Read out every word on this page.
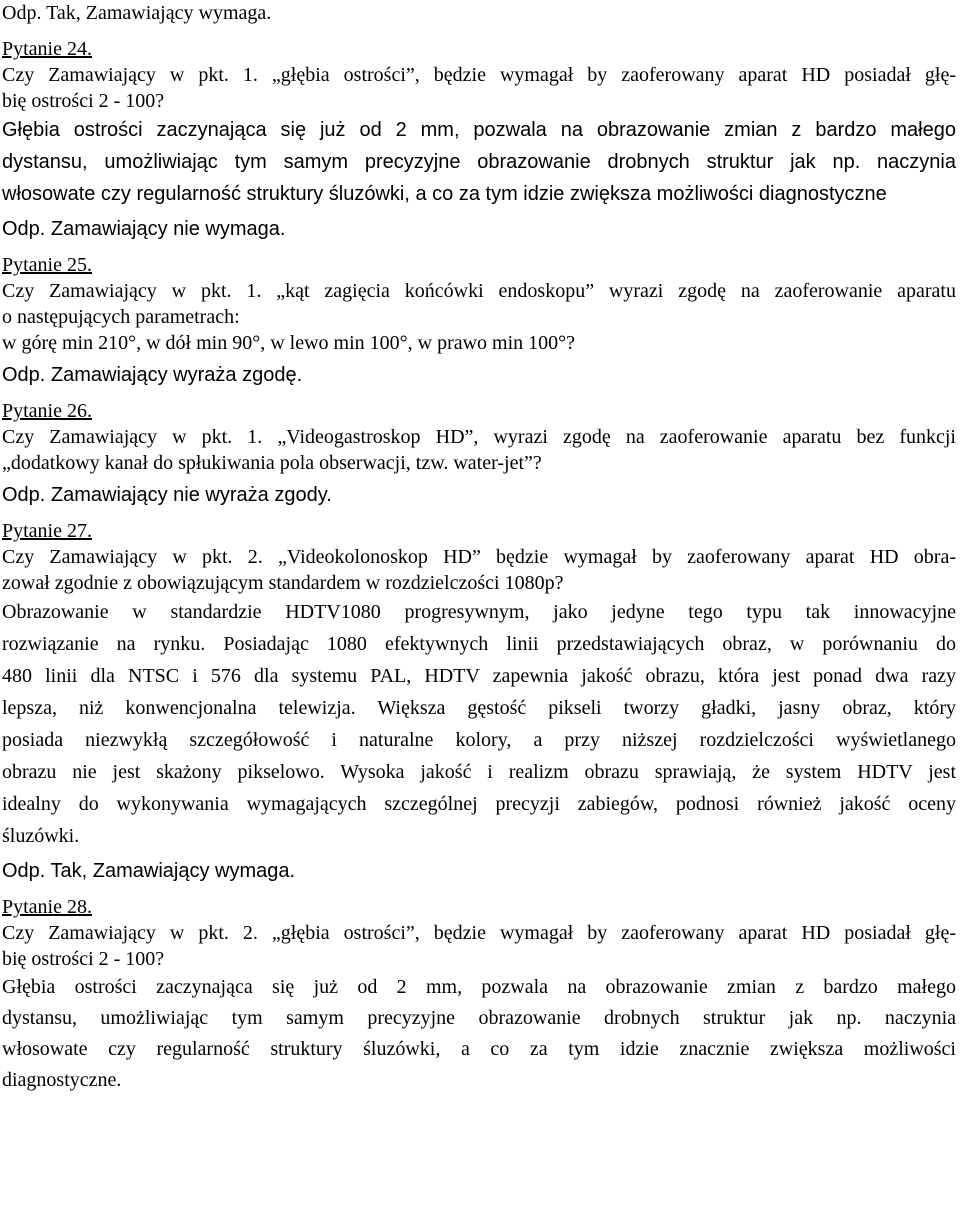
Odp. Tak, Zamawiający wymaga.
Pytanie 24.
Czy Zamawiający w pkt. 1. „głębia ostrości”, będzie wymagał by zaoferowany aparat HD posiadał głę-
bię ostrości 2 - 100?
Głębia ostrości zaczynająca się już od 2 mm, pozwala na obrazowanie zmian z bardzo małego
dystansu, umożliwiając tym samym precyzyjne obrazowanie drobnych struktur jak np. naczynia
włosowate czy regularność struktury śluzówki, a co za tym idzie zwiększa możliwości diagnostyczne
Odp. Zamawiający nie wymaga.
Pytanie 25.
Czy Zamawiający w pkt. 1. „kąt zagięcia końcówki endoskopu” wyrazi zgodę na zaoferowanie aparatu
o następujących parametrach:
w górę min 210°, w dół min 90°, w lewo min 100°, w prawo min 100°?
Odp. Zamawiający wyraża zgodę.
Pytanie 26.
Czy Zamawiający w pkt. 1. „Videogastroskop HD”, wyrazi zgodę na zaoferowanie aparatu bez funkcji
„dodatkowy kanał do spłukiwania pola obserwacji, tzw. water-jet”?
Odp. Zamawiający nie wyraża zgody.
Pytanie 27.
Czy Zamawiający w pkt. 2. „Videokolonoskop HD” będzie wymagał by zaoferowany aparat HD obra-
zował zgodnie z obowiązującym standardem w rozdzielczości 1080p?
Obrazowanie w standardzie HDTV1080 progresywnym, jako jedyne tego typu tak innowacyjne
rozwiązanie na rynku. Posiadając 1080 efektywnych linii przedstawiających obraz, w porównaniu do
480 linii dla NTSC i 576 dla systemu PAL, HDTV zapewnia jakość obrazu, która jest ponad dwa razy
lepsza, niż konwencjonalna telewizja. Większa gęstość pikseli tworzy gładki, jasny obraz, który
posiada niezwykłą szczegółowość i naturalne kolory, a przy niższej rozdzielczości wyświetlanego
obrazu nie jest skażony pikselowo. Wysoka jakość i realizm obrazu sprawiają, że system HDTV jest
idealny do wykonywania wymagających szczególnej precyzji zabiegów, podnosi również jakość oceny
śluzówki.
Odp. Tak, Zamawiający wymaga.
Pytanie 28.
Czy Zamawiający w pkt. 2. „głębia ostrości”, będzie wymagał by zaoferowany aparat HD posiadał głę-
bię ostrości 2 - 100?
Głębia ostrości zaczynająca się już od 2 mm, pozwala na obrazowanie zmian z bardzo małego
dystansu, umożliwiając tym samym precyzyjne obrazowanie drobnych struktur jak np. naczynia
włosowate czy regularność struktury śluzówki, a co za tym idzie znacznie zwiększa możliwości
diagnostyczne.
